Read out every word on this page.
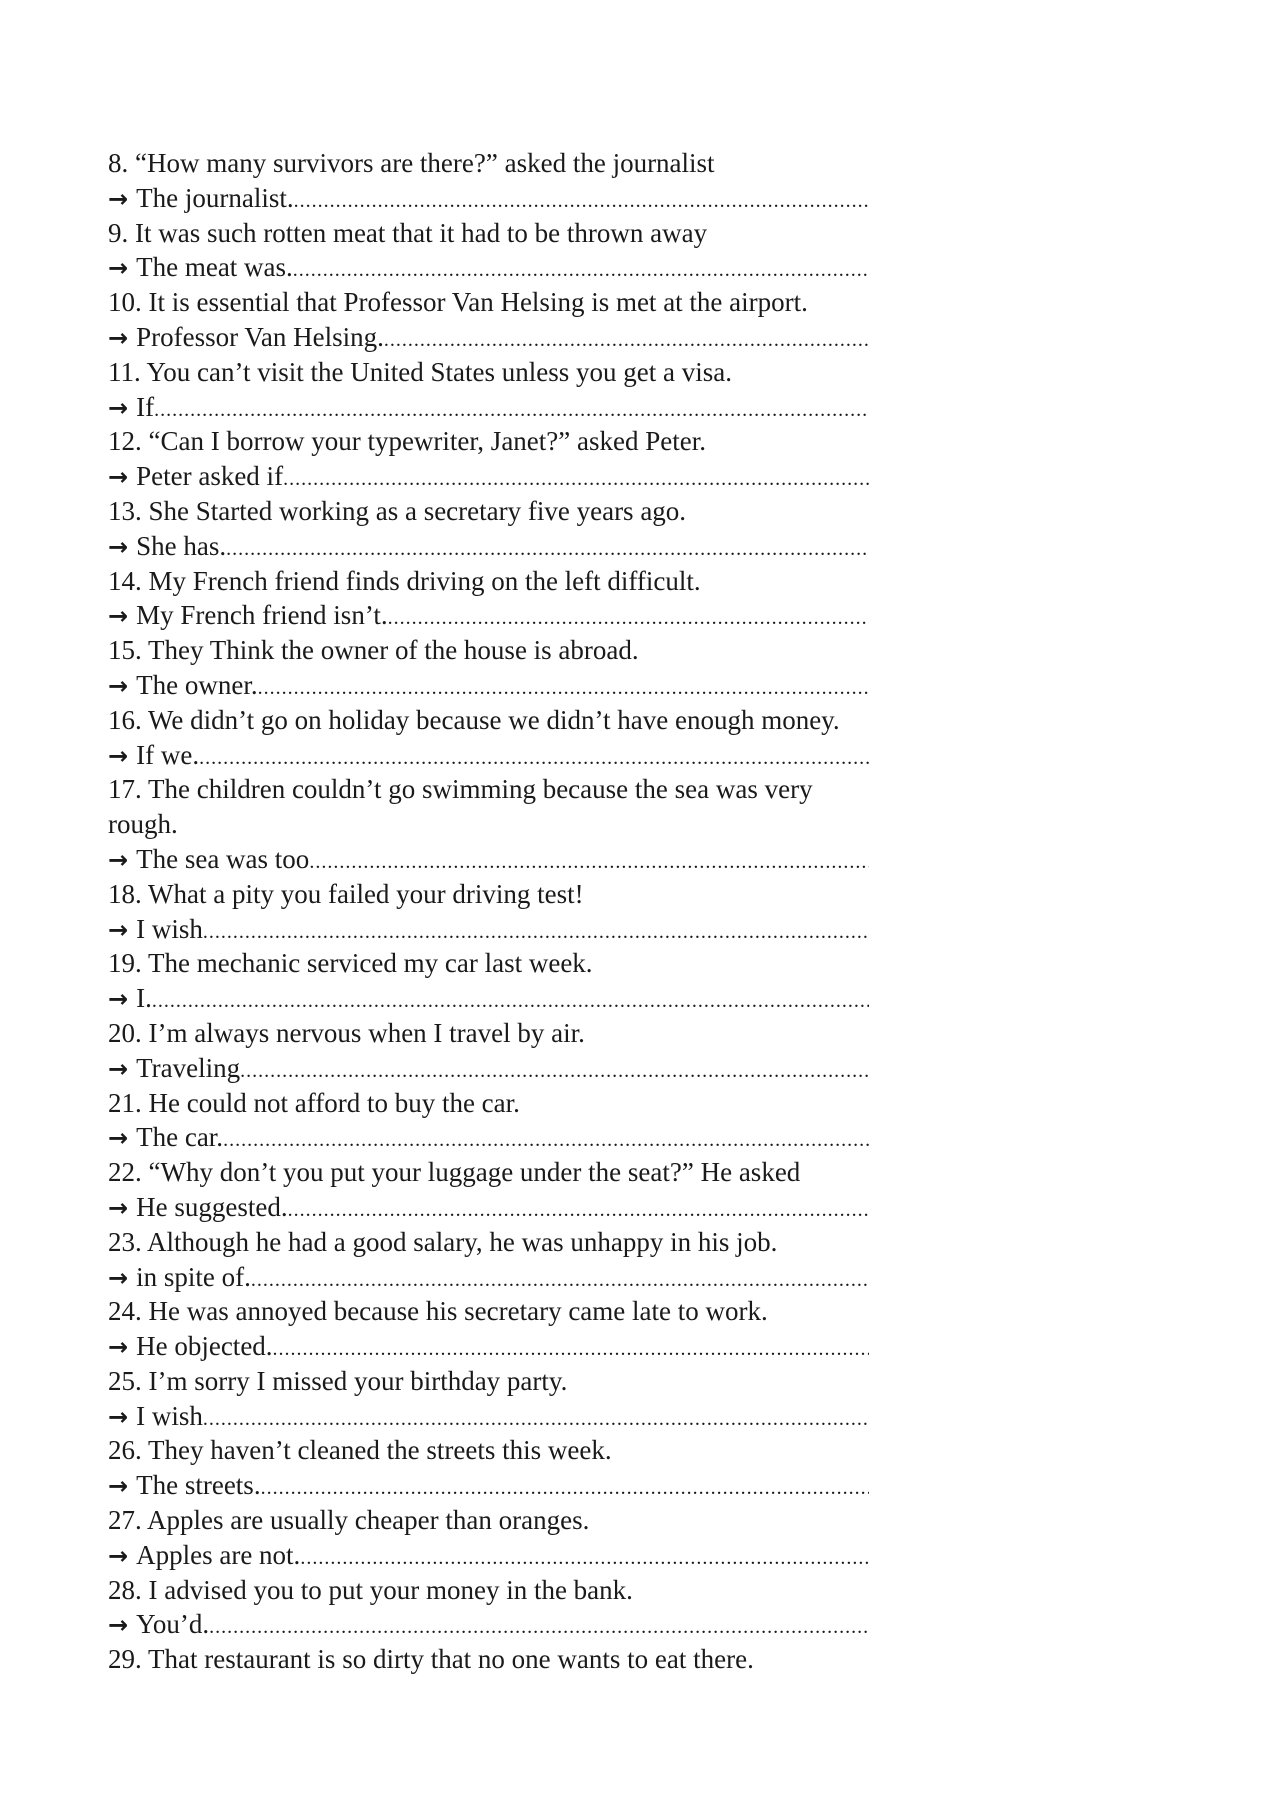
8. “How many survivors are there?” asked the journalist
→ The journalist.
.....
9. It was such rotten meat that it had to be thrown away
→ The meat was.
.....
10. It is essential that Professor Van Helsing is met at the airport.
→ Professor Van Helsing.
.....
11. You can’t visit the United States unless you get a visa.
→ If
.....
12. “Can I borrow your typewriter, Janet?” asked Peter.
→ Peter asked if
.....
13. She Started working as a secretary five years ago.
→ She has.
.....
14. My French friend finds driving on the left difficult.
→ My French friend isn’t.
.....
15. They Think the owner of the house is abroad.
→ The owner.
.....
16. We didn’t go on holiday because we didn’t have enough money.
→ If we.
.....
17. The children couldn’t go swimming because the sea was very
rough.
→ The sea was too
.....
18. What a pity you failed your driving test!
→ I wish
.....
19. The mechanic serviced my car last week.
→ I.
.....
20. I’m always nervous when I travel by air.
→ Traveling
.....
21. He could not afford to buy the car.
→ The car.
.....
22. “Why don’t you put your luggage under the seat?” He asked
→ He suggested.
.....
23. Although he had a good salary, he was unhappy in his job.
→ in spite of.
.....
24. He was annoyed because his secretary came late to work.
→ He objected.
.....
25. I’m sorry I missed your birthday party.
→ I wish
.....
26. They haven’t cleaned the streets this week.
→ The streets.
.....
27. Apples are usually cheaper than oranges.
→ Apples are not.
.....
28. I advised you to put your money in the bank.
→ You’d.
.....
29. That restaurant is so dirty that no one wants to eat there.
